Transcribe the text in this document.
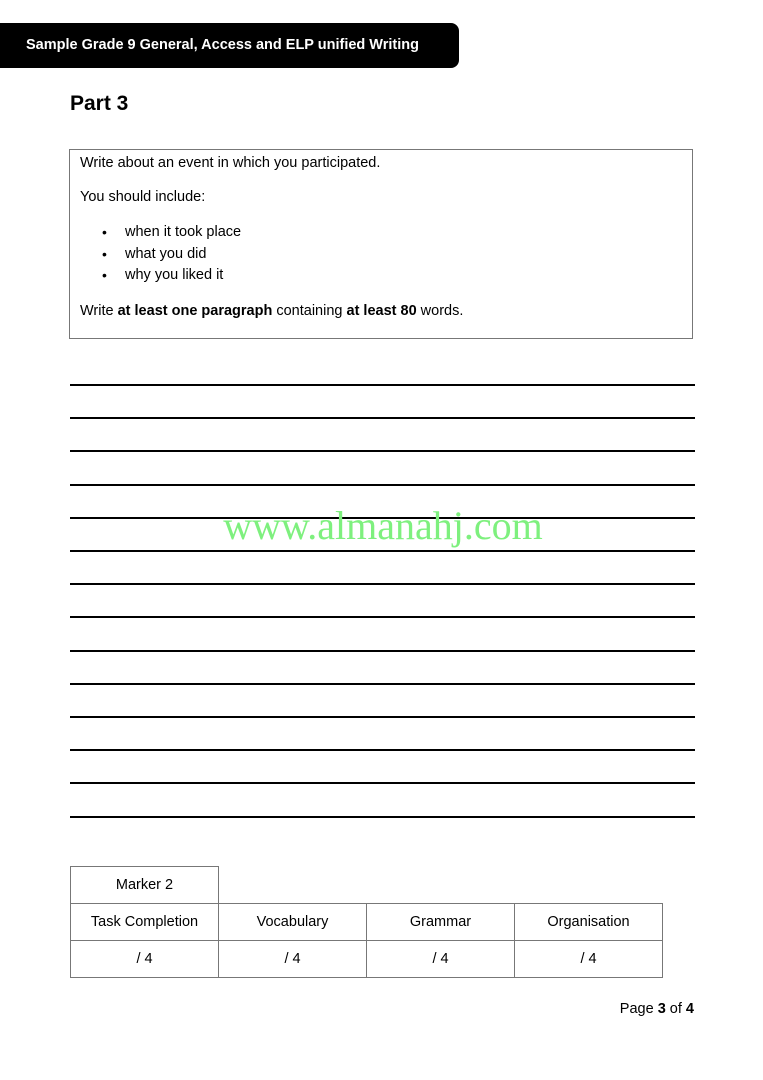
Sample Grade 9 General, Access and ELP unified Writing
Part 3

Write about an event in which you participated.

You should include:

• when it took place
• what you did
• why you liked it

Write at least one paragraph containing at least 80 words.

www.almanahj.com
Marker 2			
Task Completion	Vocabulary	Grammar	Organisation
/ 4	/ 4	/ 4	/ 4
Page 3 of 4
